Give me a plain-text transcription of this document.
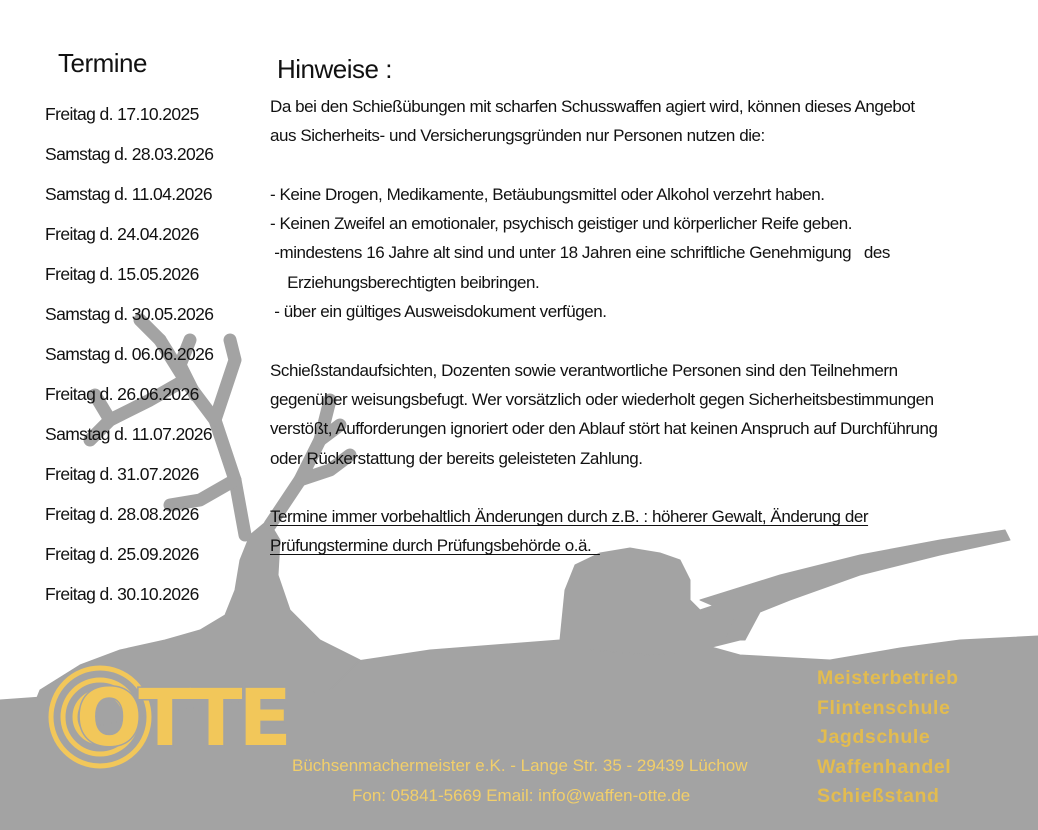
Termine
Freitag d. 17.10.2025
Samstag d. 28.03.2026
Samstag d. 11.04.2026
Freitag d. 24.04.2026
Freitag d. 15.05.2026
Samstag d. 30.05.2026
Samstag d. 06.06.2026
Freitag d. 26.06.2026
Samstag d. 11.07.2026
Freitag d. 31.07.2026
Freitag d. 28.08.2026
Freitag d. 25.09.2026
Freitag d. 30.10.2026
Hinweise :

Da bei den Schießübungen mit scharfen Schusswaffen agiert wird, können dieses Angebot

aus Sicherheits- und Versicherungsgründen nur Personen nutzen die:

- Keine Drogen, Medikamente, Betäubungsmittel oder Alkohol verzehrt haben.

- Keinen Zweifel an emotionaler, psychisch geistiger und körperlicher Reife geben.

-mindestens 16 Jahre alt sind und unter 18 Jahren eine schriftliche Genehmigung   des

Erziehungsberechtigten beibringen.

- über ein gültiges Ausweisdokument verfügen.

Schießstandaufsichten, Dozenten sowie verantwortliche Personen sind den Teilnehmern

gegenüber weisungsbefugt. Wer vorsätzlich oder wiederholt gegen Sicherheitsbestimmungen

verstößt, Aufforderungen ignoriert oder den Ablauf stört hat keinen Anspruch auf Durchführung

oder Rückerstattung der bereits geleisteten Zahlung.

Termine immer vorbehaltlich Änderungen durch z.B. : höherer Gewalt, Änderung der

Prüfungstermine durch Prüfungsbehörde o.ä.

OTTE
Büchsenmachermeister e.K. - Lange Str. 35 - 29439 Lüchow
Fon: 05841-5669 Email: info@waffen-otte.de
Meisterbetrieb
Flintenschule
Jagdschule
Waffenhandel
Schießstand
